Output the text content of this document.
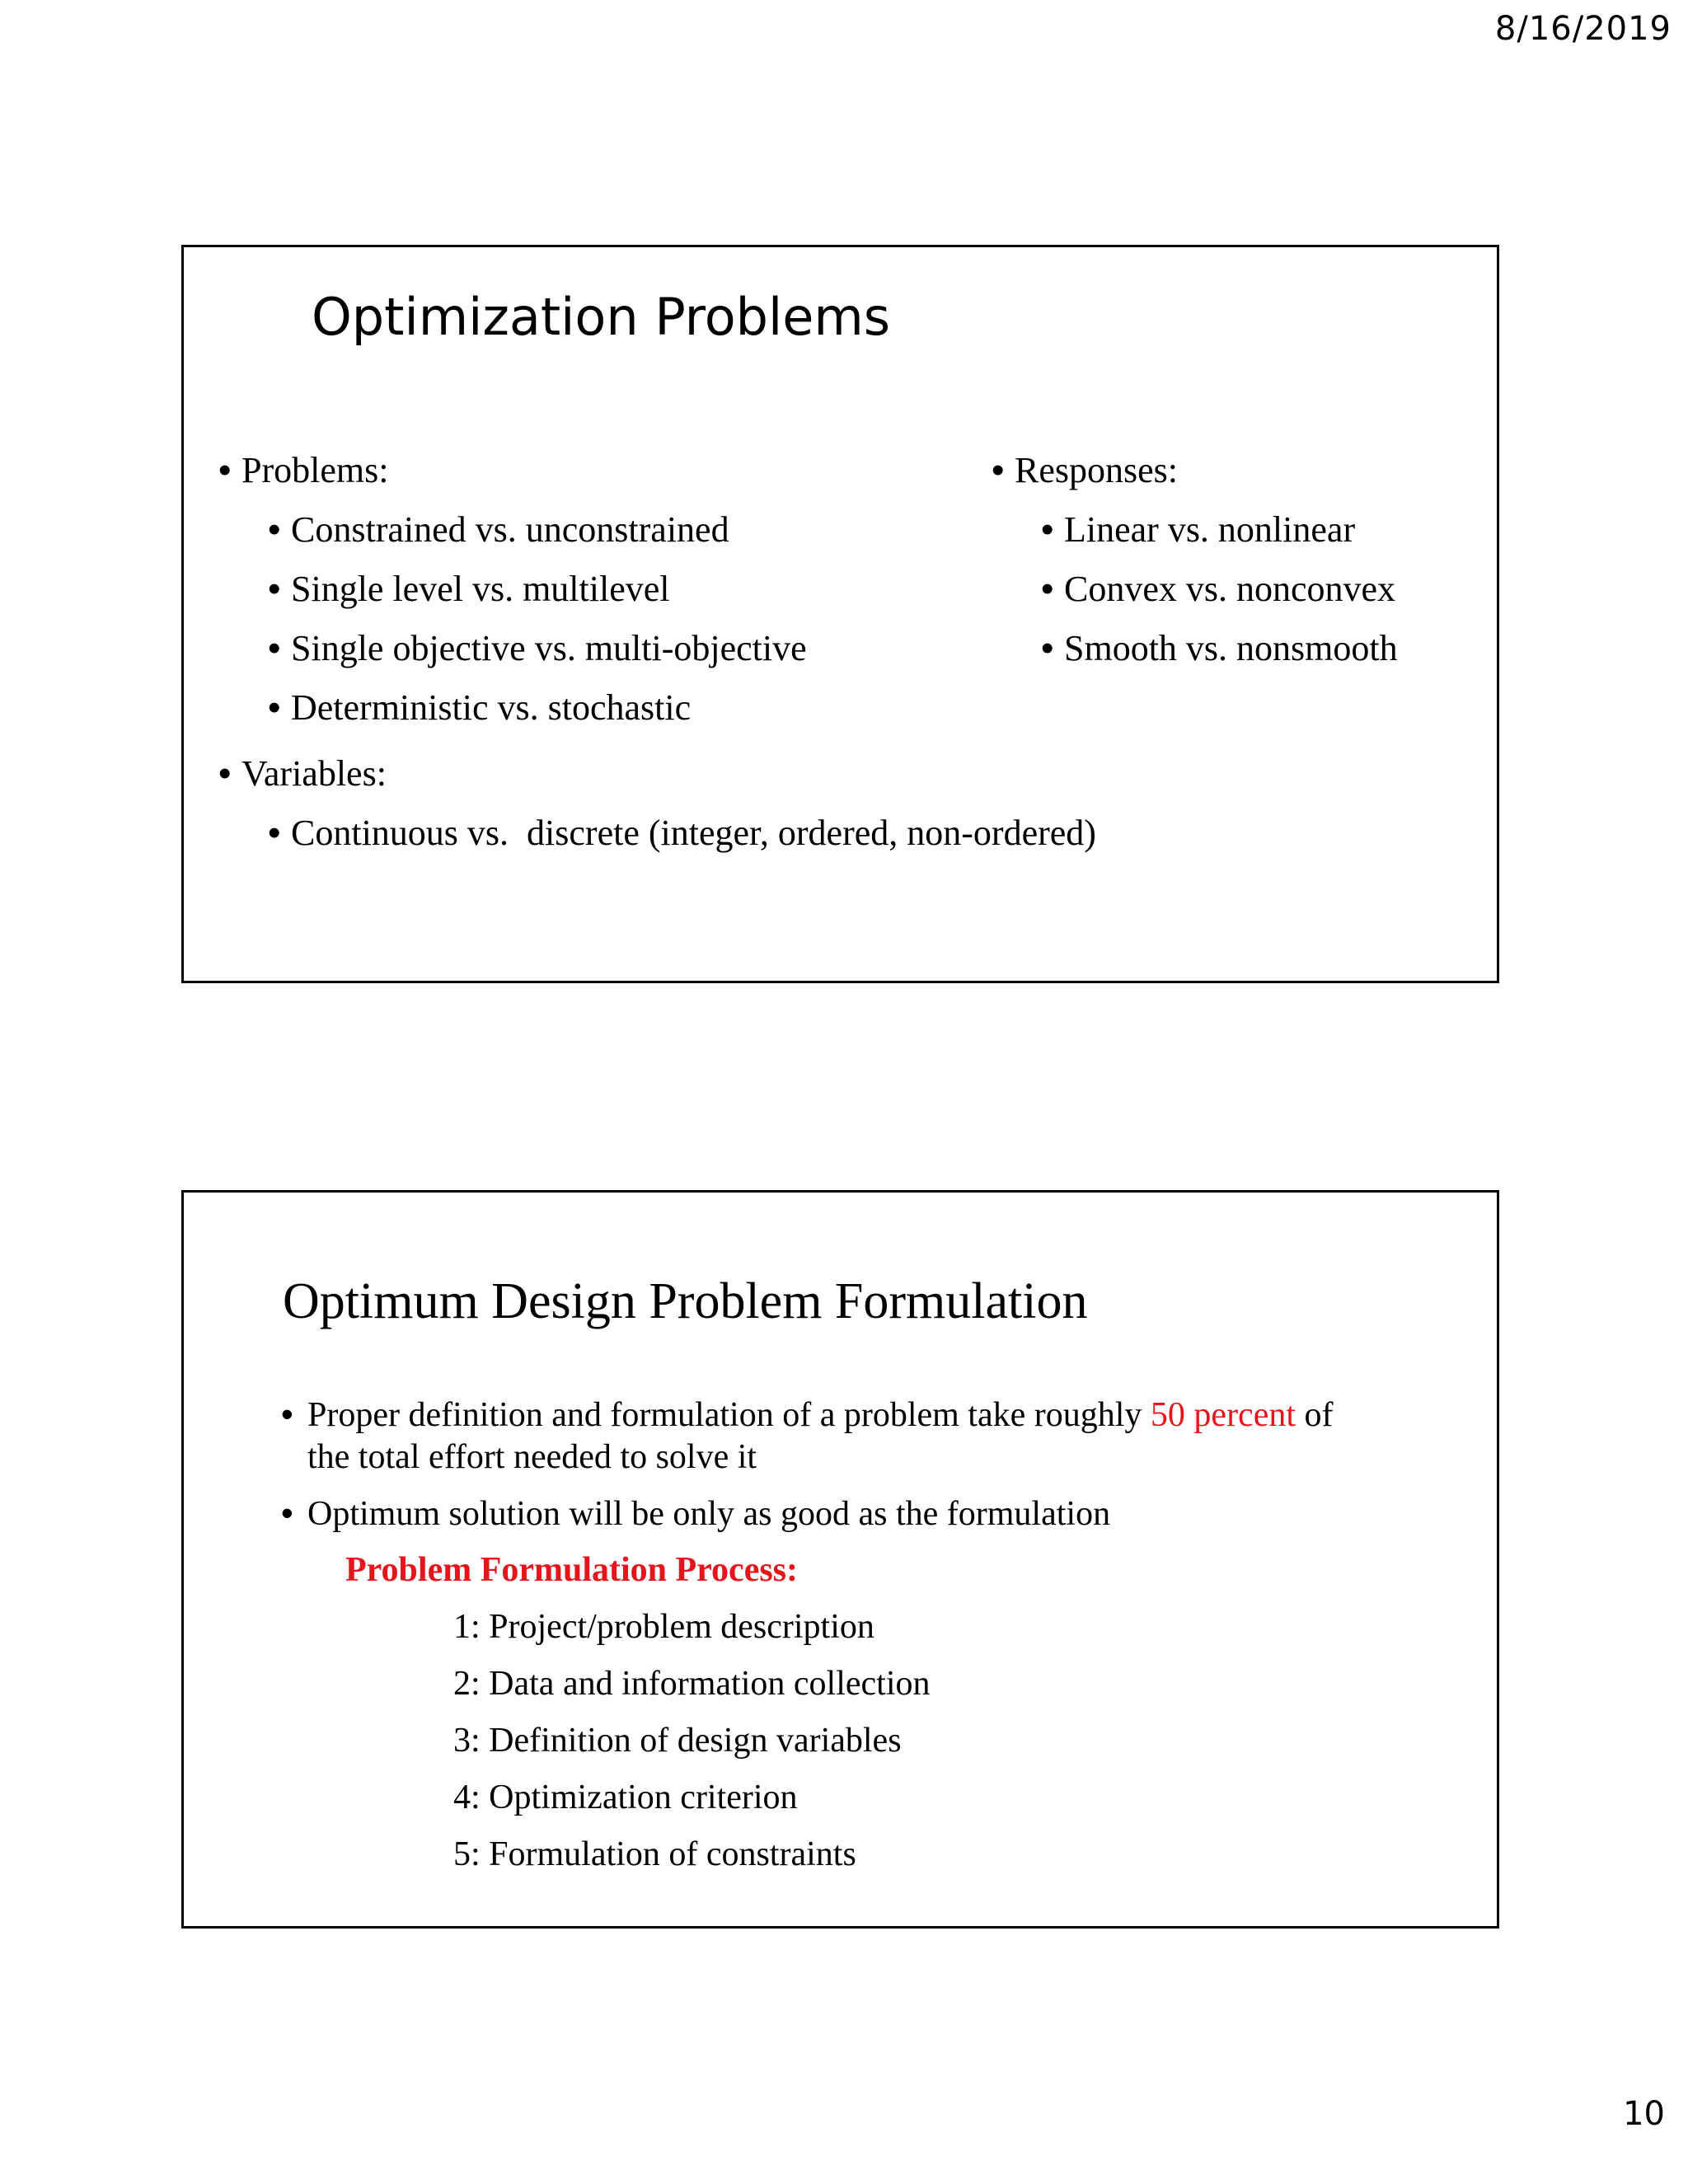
8/16/2019
Optimization Problems
• Problems:
• Constrained vs. unconstrained
• Single level vs. multilevel
• Single objective vs. multi-objective
• Deterministic vs. stochastic
• Variables:
• Continuous vs.  discrete (integer, ordered, non-ordered)
• Responses:
• Linear vs. nonlinear
• Convex vs. nonconvex
• Smooth vs. nonsmooth
Optimum Design Problem Formulation
• Proper definition and formulation of a problem take roughly 50 percent of
the total effort needed to solve it
• Optimum solution will be only as good as the formulation
Problem Formulation Process:
1: Project/problem description
2: Data and information collection
3: Definition of design variables
4: Optimization criterion
5: Formulation of constraints
10
